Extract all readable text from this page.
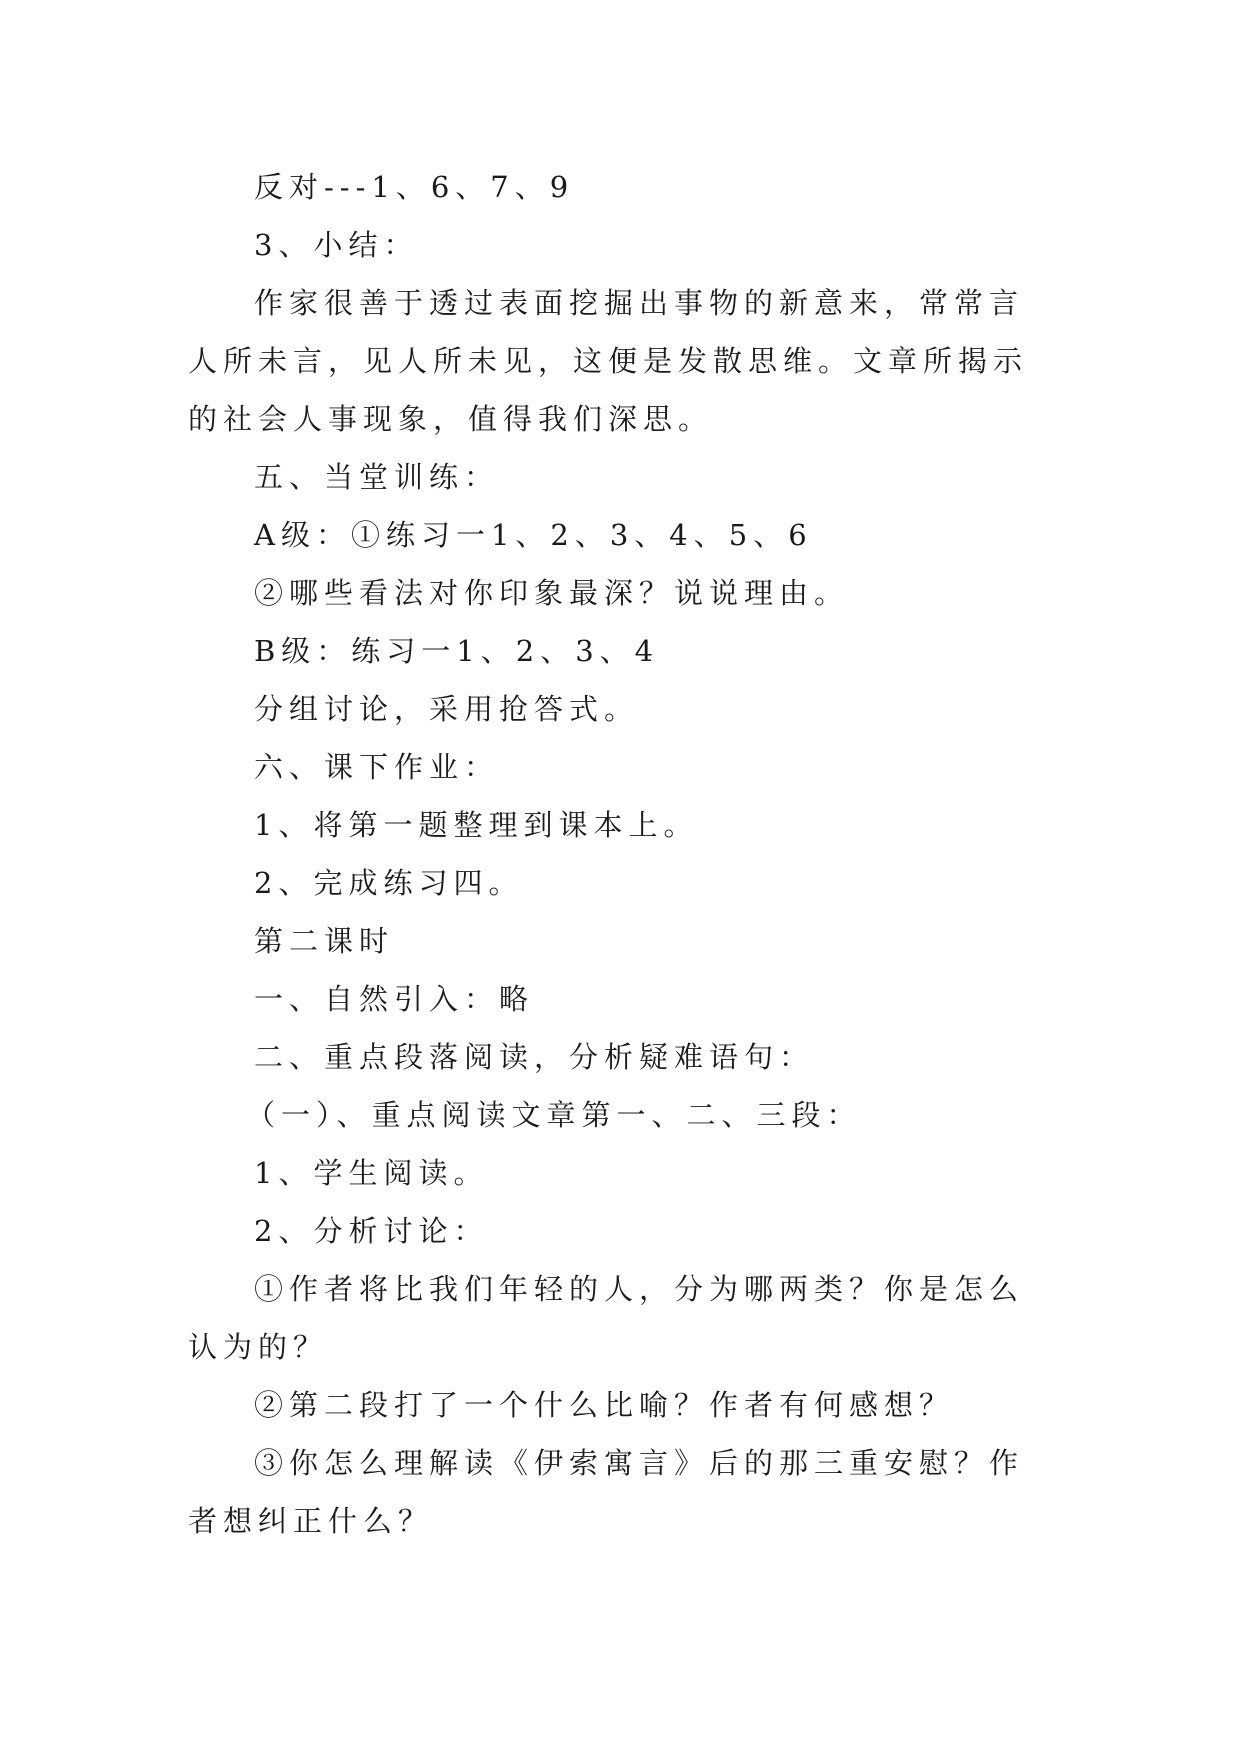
反对---1、6、7、9

3、小结：

作家很善于透过表面挖掘出事物的新意来，常常言人所未言，见人所未见，这便是发散思维。文章所揭示的社会人事现象，值得我们深思。

五、当堂训练：

A级：①练习一1、2、3、4、5、6

②哪些看法对你印象最深？说说理由。

B级：练习一1、2、3、4

分组讨论，采用抢答式。

六、课下作业：

1、将第一题整理到课本上。

2、完成练习四。

第二课时

一、自然引入：略

二、重点段落阅读，分析疑难语句：

（一）、重点阅读文章第一、二、三段：

1、学生阅读。

2、分析讨论：

①作者将比我们年轻的人，分为哪两类？你是怎么认为的？

②第二段打了一个什么比喻？作者有何感想？

③你怎么理解读《伊索寓言》后的那三重安慰？作者想纠正什么？
